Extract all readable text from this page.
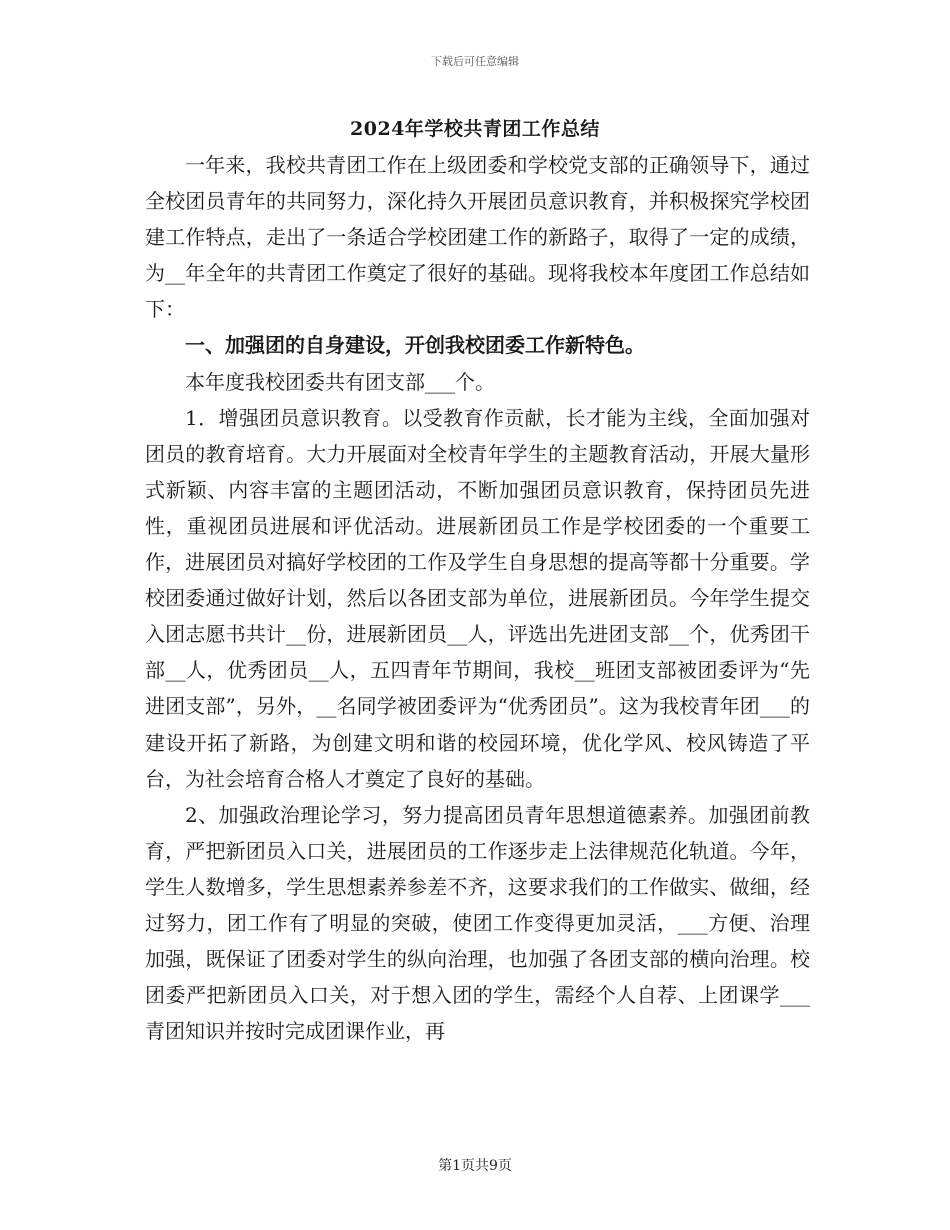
下载后可任意编辑
2024年学校共青团工作总结

一年来，我校共青团工作在上级团委和学校党支部的正确领导下，通过全校团员青年的共同努力，深化持久开展团员意识教育，并积极探究学校团建工作特点，走出了一条适合学校团建工作的新路子，取得了一定的成绩，为__年全年的共青团工作奠定了很好的基础。现将我校本年度团工作总结如下：

一、加强团的自身建设，开创我校团委工作新特色。

本年度我校团委共有团支部___个。

1．增强团员意识教育。以受教育作贡献，长才能为主线，全面加强对团员的教育培育。大力开展面对全校青年学生的主题教育活动，开展大量形式新颖、内容丰富的主题团活动，不断加强团员意识教育，保持团员先进性，重视团员进展和评优活动。进展新团员工作是学校团委的一个重要工作，进展团员对搞好学校团的工作及学生自身思想的提高等都十分重要。学校团委通过做好计划，然后以各团支部为单位，进展新团员。今年学生提交入团志愿书共计__份，进展新团员__人，评选出先进团支部__个，优秀团干部__人，优秀团员__人，五四青年节期间，我校__班团支部被团委评为“先进团支部”，另外，__名同学被团委评为“优秀团员”。这为我校青年团___的建设开拓了新路，为创建文明和谐的校园环境，优化学风、校风铸造了平台，为社会培育合格人才奠定了良好的基础。

2、加强政治理论学习，努力提高团员青年思想道德素养。加强团前教育，严把新团员入口关，进展团员的工作逐步走上法律规范化轨道。今年，学生人数增多，学生思想素养参差不齐，这要求我们的工作做实、做细，经过努力，团工作有了明显的突破，使团工作变得更加灵活，___方便、治理加强，既保证了团委对学生的纵向治理，也加强了各团支部的横向治理。校团委严把新团员入口关，对于想入团的学生，需经个人自荐、上团课学___青团知识并按时完成团课作业，再

第1页共9页
